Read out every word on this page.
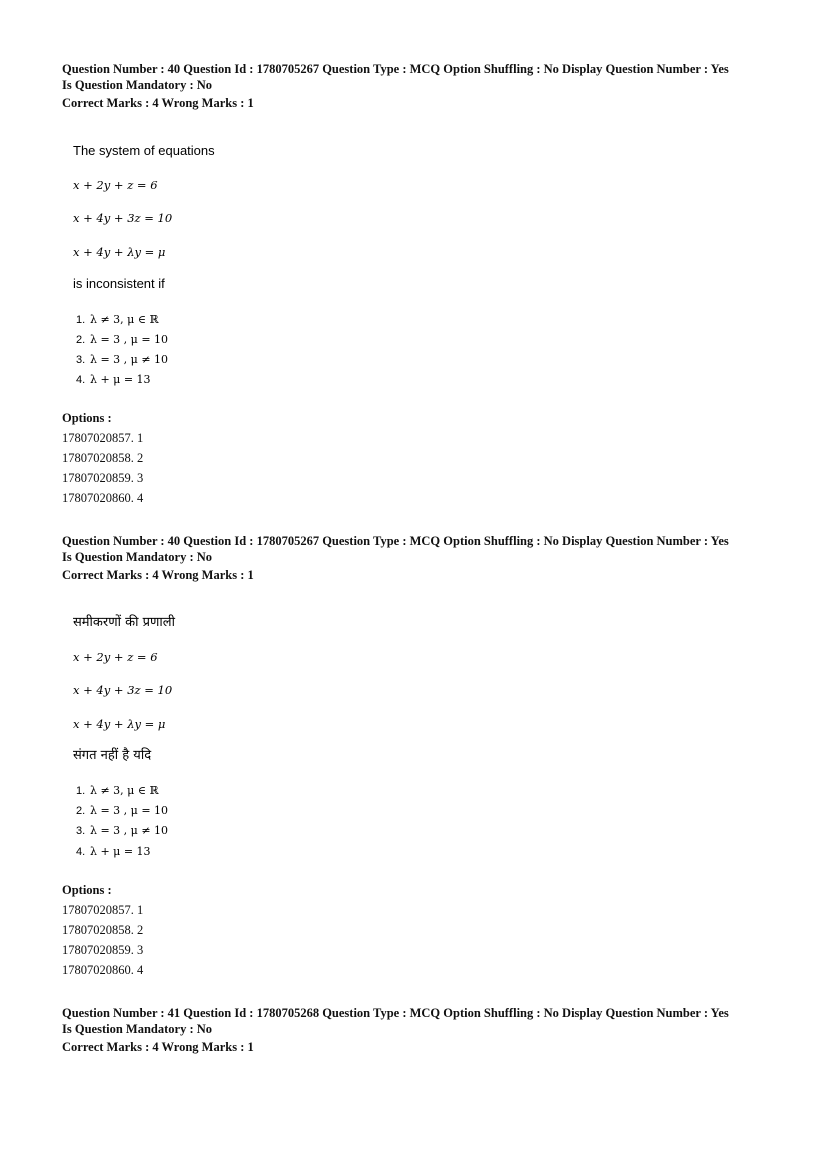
Question Number : 40 Question Id : 1780705267 Question Type : MCQ Option Shuffling : No Display Question Number : Yes
Is Question Mandatory : No
Correct Marks : 4 Wrong Marks : 1
The system of equations
x + 2y + z = 6
x + 4y + 3z = 10
x + 4y + λy = μ
is inconsistent if
1. λ ≠ 3, μ ∈ ℝ
2. λ = 3 , μ = 10
3. λ = 3 , μ ≠ 10
4. λ + μ = 13
Options :
17807020857. 1
17807020858. 2
17807020859. 3
17807020860. 4
Question Number : 40 Question Id : 1780705267 Question Type : MCQ Option Shuffling : No Display Question Number : Yes
Is Question Mandatory : No
Correct Marks : 4 Wrong Marks : 1
समीकरणों की प्रणाली
x + 2y + z = 6
x + 4y + 3z = 10
x + 4y + λy = μ
संगत नहीं है यदि
1. λ ≠ 3, μ ∈ ℝ
2. λ = 3 , μ = 10
3. λ = 3 , μ ≠ 10
4. λ + μ = 13
Options :
17807020857. 1
17807020858. 2
17807020859. 3
17807020860. 4
Question Number : 41 Question Id : 1780705268 Question Type : MCQ Option Shuffling : No Display Question Number : Yes
Is Question Mandatory : No
Correct Marks : 4 Wrong Marks : 1
